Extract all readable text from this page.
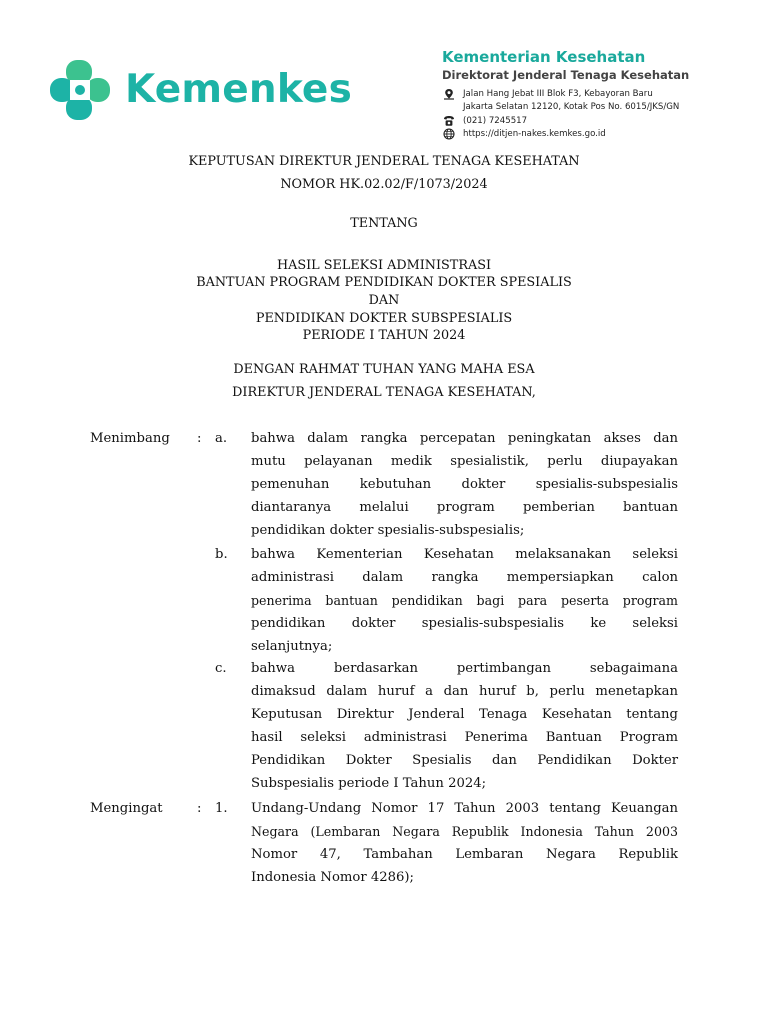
Kemenkes
Kementerian Kesehatan
Direktorat Jenderal Tenaga Kesehatan
Jalan Hang Jebat III Blok F3, Kebayoran Baru
Jakarta Selatan 12120, Kotak Pos No. 6015/JKS/GN
(021) 7245517
https://ditjen-nakes.kemkes.go.id
KEPUTUSAN DIREKTUR JENDERAL TENAGA KESEHATAN
NOMOR HK.02.02/F/1073/2024
TENTANG
HASIL SELEKSI ADMINISTRASI
BANTUAN PROGRAM PENDIDIKAN DOKTER SPESIALIS
DAN
PENDIDIKAN DOKTER SUBSPESIALIS
PERIODE I TAHUN 2024
DENGAN RAHMAT TUHAN YANG MAHA ESA
DIREKTUR JENDERAL TENAGA KESEHATAN,
Menimbang : a. bahwa dalam rangka percepatan peningkatan akses dan
mutu pelayanan medik spesialistik, perlu diupayakan
pemenuhan kebutuhan dokter spesialis-subspesialis
diantaranya melalui program pemberian bantuan
pendidikan dokter spesialis-subspesialis;
b. bahwa Kementerian Kesehatan melaksanakan seleksi
administrasi dalam rangka mempersiapkan calon
penerima bantuan pendidikan bagi para peserta program
pendidikan dokter spesialis-subspesialis ke seleksi
selanjutnya;
c. bahwa berdasarkan pertimbangan sebagaimana
dimaksud dalam huruf a dan huruf b, perlu menetapkan
Keputusan Direktur Jenderal Tenaga Kesehatan tentang
hasil seleksi administrasi Penerima Bantuan Program
Pendidikan Dokter Spesialis dan Pendidikan Dokter
Subspesialis periode I Tahun 2024;
Mengingat	: 1. Undang-Undang Nomor 17 Tahun 2003 tentang Keuangan
Negara (Lembaran Negara Republik Indonesia Tahun 2003
Nomor 47, Tambahan Lembaran Negara Republik
Indonesia Nomor 4286);
